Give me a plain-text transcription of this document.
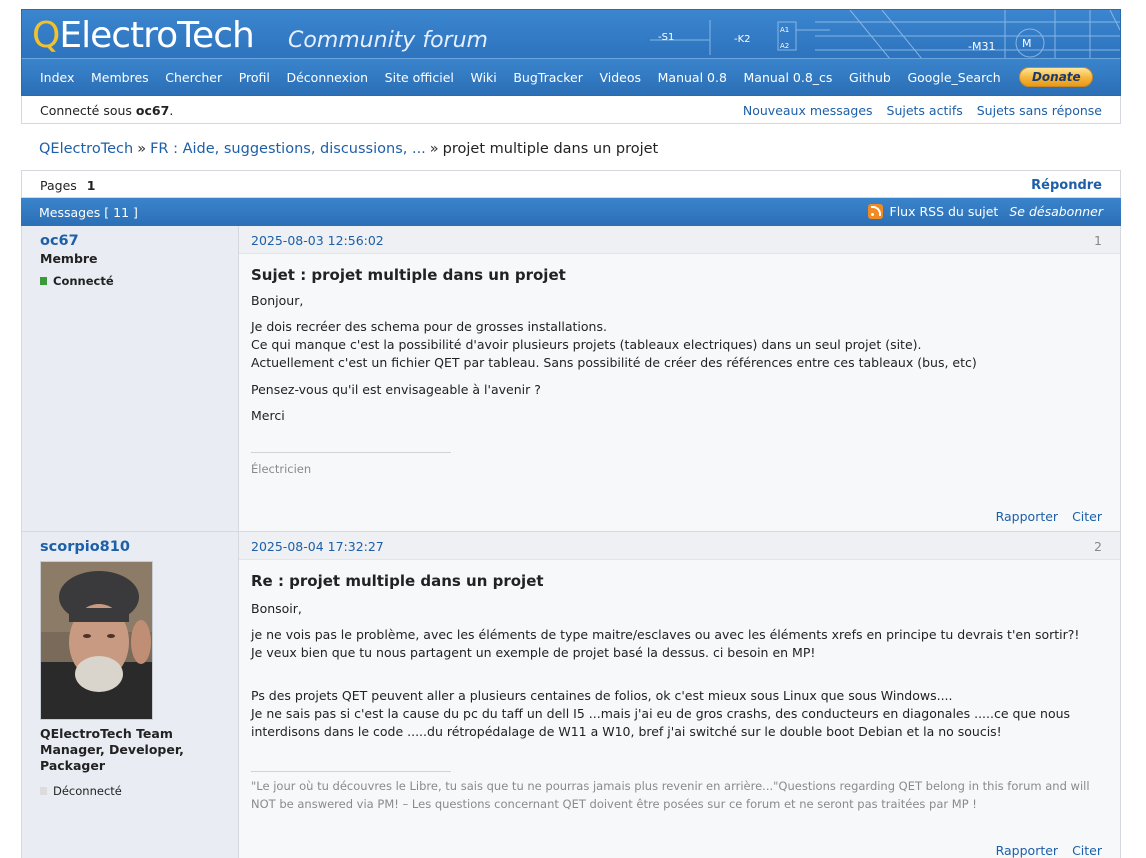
QElectroTech Community forum	-S1	-K2
A1
A2	M
-M31
Index Membres Chercher Profil Déconnexion Site officiel Wiki BugTracker Videos Manual 0.8 Manual 0.8_cs Github Google_Search	Donate
Connecté sous oc67.	Nouveaux messages Sujets actifs Sujets sans réponse
QElectroTech » FR : Aide, suggestions, discussions, ... » projet multiple dans un projet
Pages 1	Répondre
Messages [ 11 ]	Flux RSS du sujet Se désabonner
oc67
Membre
Connecté
2025-08-03 12:56:02	1
Sujet : projet multiple dans un projet

Bonjour,

Je dois recréer des schema pour de grosses installations.
Ce qui manque c'est la possibilité d'avoir plusieurs projets (tableaux electriques) dans un seul projet (site).
Actuellement c'est un fichier QET par tableau. Sans possibilité de créer des références entre ces tableaux (bus, etc)

Pensez-vous qu'il est envisageable à l'avenir ?

Merci

Électricien
Rapporter Citer
scorpio810
QElectroTech Team Manager, Developer, Packager
Déconnecté
2025-08-04 17:32:27	2
Re : projet multiple dans un projet

Bonsoir,

je ne vois pas le problème, avec les éléments de type maitre/esclaves ou avec les éléments xrefs en principe tu devrais t'en sortir?!
Je veux bien que tu nous partagent un exemple de projet basé la dessus. ci besoin en MP!

Ps des projets QET peuvent aller a plusieurs centaines de folios, ok c'est mieux sous Linux que sous Windows....
Je ne sais pas si c'est la cause du pc du taff un dell I5 ...mais j'ai eu de gros crashs, des conducteurs en diagonales .....ce que nous interdisons dans le code .....du rétropédalage de W11 a W10, bref j'ai switché sur le double boot Debian et la no soucis!

"Le jour où tu découvres le Libre, tu sais que tu ne pourras jamais plus revenir en arrière..."Questions regarding QET belong in this forum and will NOT be answered via PM! – Les questions concernant QET doivent être posées sur ce forum et ne seront pas traitées par MP !
Rapporter Citer
